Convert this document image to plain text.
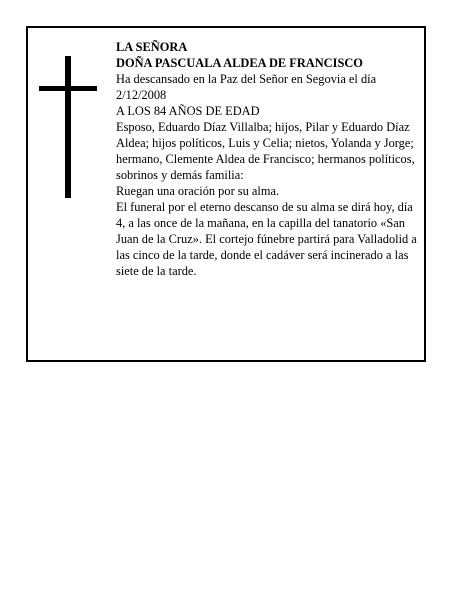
LA SEÑORA

DOÑA PASCUALA ALDEA DE FRANCISCO

Ha descansado en la Paz del Señor en Segovia el día 2/12/2008

A LOS 84 AÑOS DE EDAD

Esposo, Eduardo Díaz Villalba; hijos, Pilar y Eduardo Díaz Aldea; hijos políticos, Luis y Celia; nietos, Yolanda y Jorge; hermano, Clemente Aldea de Francisco; hermanos políticos, sobrinos y demás familia:

Ruegan una oración por su alma.

El funeral por el eterno descanso de su alma se dirá hoy, día 4, a las once de la mañana, en la capilla del tanatorio «San Juan de la Cruz». El cortejo fúnebre partirá para Valladolid a las cinco de la tarde, donde el cadáver será incinerado a las siete de la tarde.
